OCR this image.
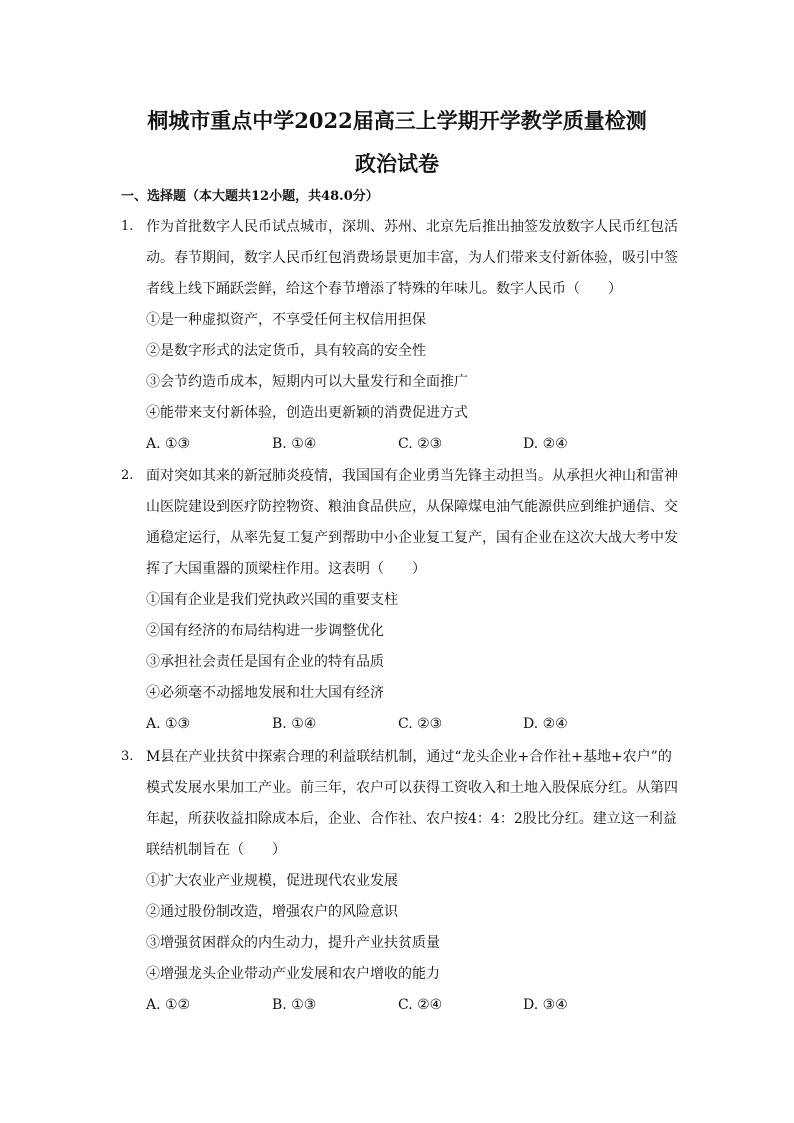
桐城市重点中学2022届高三上学期开学教学质量检测
政治试卷
一、选择题（本大题共12小题，共48.0分）
1. 作为首批数字人民币试点城市，深圳、苏州、北京先后推出抽签发放数字人民币红包活
动。春节期间，数字人民币红包消费场景更加丰富，为人们带来支付新体验，吸引中签
者线上线下踊跃尝鲜，给这个春节增添了特殊的年味儿。数字人民币（　　）
①是一种虚拟资产，不享受任何主权信用担保
②是数字形式的法定货币，具有较高的安全性
③会节约造币成本，短期内可以大量发行和全面推广
④能带来支付新体验，创造出更新颖的消费促进方式
A. ①③	B. ①④	C. ②③	D. ②④
2. 面对突如其来的新冠肺炎疫情，我国国有企业勇当先锋主动担当。从承担火神山和雷神
山医院建设到医疗防控物资、粮油食品供应，从保障煤电油气能源供应到维护通信、交
通稳定运行，从率先复工复产到帮助中小企业复工复产，国有企业在这次大战大考中发
挥了大国重器的顶梁柱作用。这表明（　　）
①国有企业是我们党执政兴国的重要支柱
②国有经济的布局结构进一步调整优化
③承担社会责任是国有企业的特有品质
④必须毫不动摇地发展和壮大国有经济
A. ①③	B. ①④	C. ②③	D. ②④
3. M县在产业扶贫中探索合理的利益联结机制，通过“龙头企业+合作社+基地+农户”的
模式发展水果加工产业。前三年，农户可以获得工资收入和土地入股保底分红。从第四
年起，所获收益扣除成本后，企业、合作社、农户按4：4：2股比分红。建立这一利益
联结机制旨在（　　）
①扩大农业产业规模，促进现代农业发展
②通过股份制改造，增强农户的风险意识
③增强贫困群众的内生动力，提升产业扶贫质量
④增强龙头企业带动产业发展和农户增收的能力
A. ①②	B. ①③	C. ②④	D. ③④
